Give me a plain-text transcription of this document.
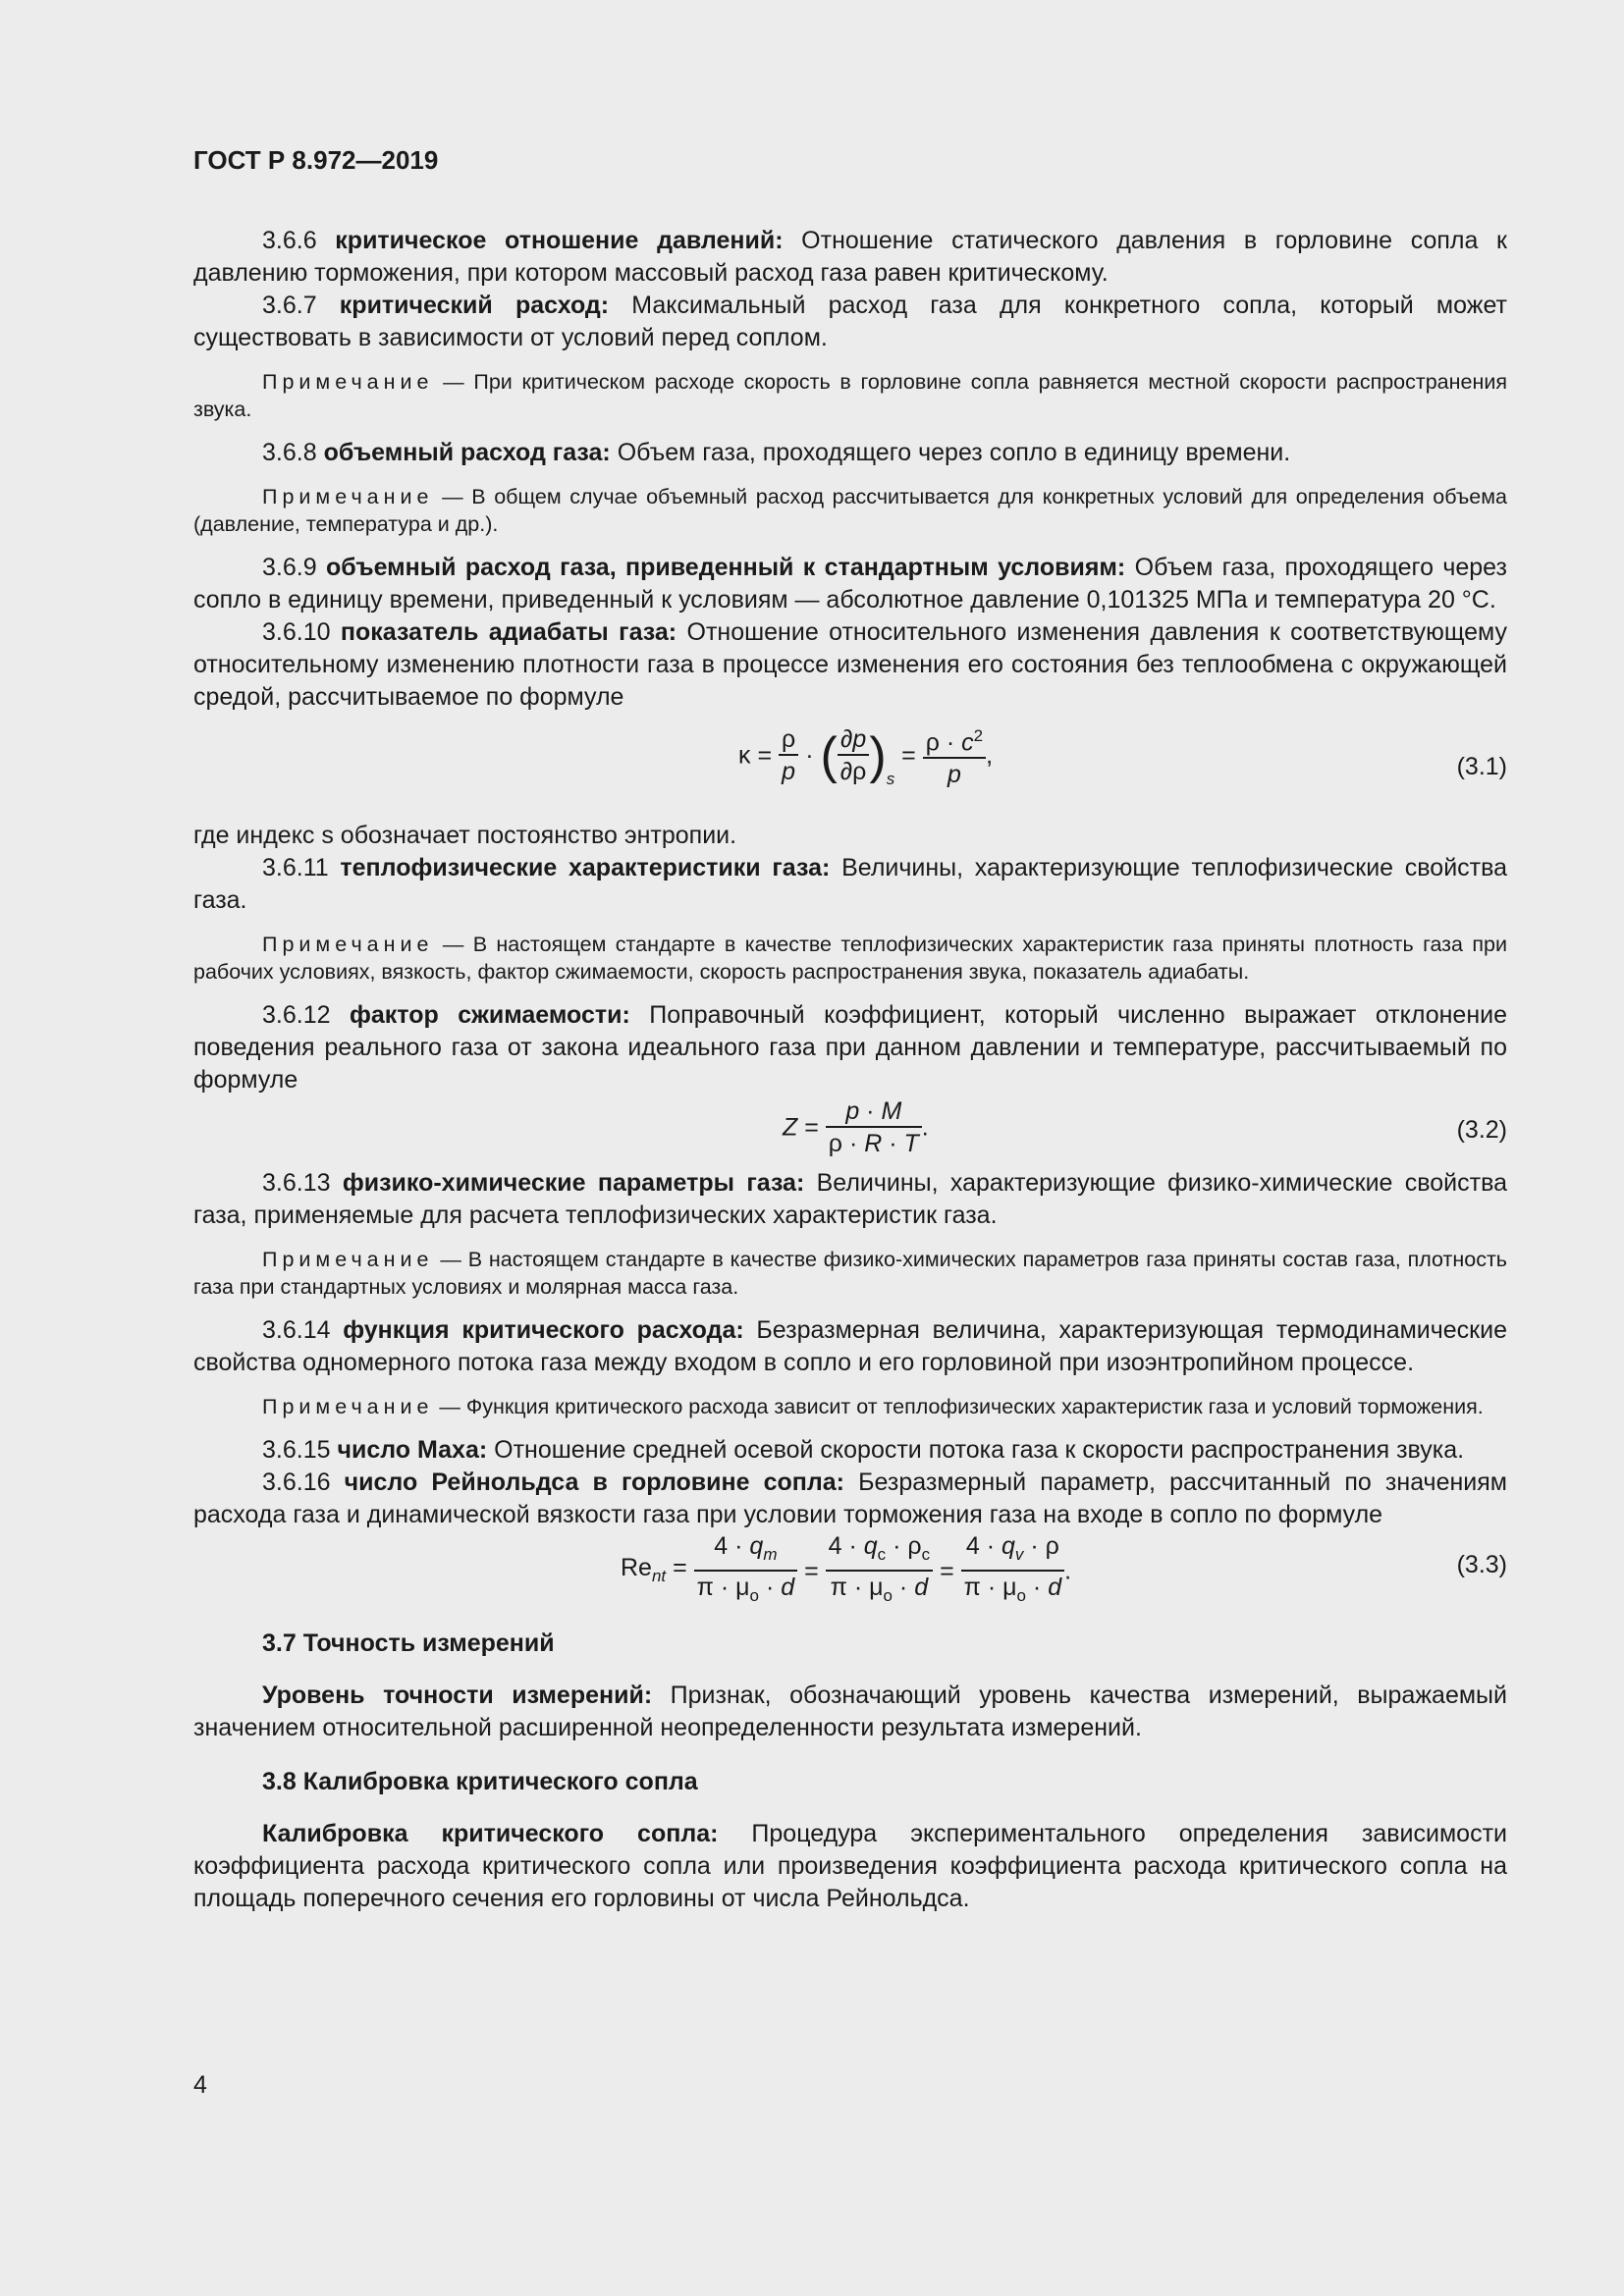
ГОСТ Р 8.972—2019

3.6.6 критическое отношение давлений: Отношение статического давления в горловине сопла к давлению торможения, при котором массовый расход газа равен критическому.

3.6.7 критический расход: Максимальный расход газа для конкретного сопла, который может существовать в зависимости от условий перед соплом.

Примечание — При критическом расходе скорость в горловине сопла равняется местной скорости распространения звука.

3.6.8 объемный расход газа: Объем газа, проходящего через сопло в единицу времени.

Примечание — В общем случае объемный расход рассчитывается для конкретных условий для определения объема (давление, температура и др.).

3.6.9 объемный расход газа, приведенный к стандартным условиям: Объем газа, проходящего через сопло в единицу времени, приведенный к условиям — абсолютное давление 0,101325 МПа и температура 20 °С.

3.6.10 показатель адиабаты газа: Отношение относительного изменения давления к соответствующему относительному изменению плотности газа в процессе изменения его состояния без теплообмена с окружающей средой, рассчитываемое по формуле

$\kappa = \frac{\rho}{p}$ · ( $\frac{\partial p}{\partial\rho} )_s = \frac{\rho \cdot c^2}{p}$ ,	(3.1)

где индекс s обозначает постоянство энтропии.

3.6.11 теплофизические характеристики газа: Величины, характеризующие теплофизические свойства газа.

Примечание — В настоящем стандарте в качестве теплофизических характеристик газа приняты плотность газа при рабочих условиях, вязкость, фактор сжимаемости, скорость распространения звука, показатель адиабаты.

3.6.12 фактор сжимаемости: Поправочный коэффициент, который численно выражает отклонение поведения реального газа от закона идеального газа при данном давлении и температуре, рассчитываемый по формуле

$Z = \frac{p \cdot M}{\rho \cdot R \cdot T}$ .	(3.2)

3.6.13 физико-химические параметры газа: Величины, характеризующие физико-химические свойства газа, применяемые для расчета теплофизических характеристик газа.

Примечание — В настоящем стандарте в качестве физико-химических параметров газа приняты состав газа, плотность газа при стандартных условиях и молярная масса газа.

3.6.14 функция критического расхода: Безразмерная величина, характеризующая термодинамические свойства одномерного потока газа между входом в сопло и его горловиной при изоэнтропийном процессе.

Примечание — Функция критического расхода зависит от теплофизических характеристик газа и условий торможения.

3.6.15 число Маха: Отношение средней осевой скорости потока газа к скорости распространения звука.

3.6.16 число Рейнольдса в горловине сопла: Безразмерный параметр, рассчитанный по значениям расхода газа и динамической вязкости газа при условии торможения газа на входе в сопло по формуле

$Re_{nt} = \frac{4 \cdot q_m}{\pi \cdot \mu_o \cdot d} = \frac{4 \cdot q_c \cdot \rho_c}{\pi \cdot \mu_o \cdot d} = \frac{4 \cdot q_v \cdot \rho}{\pi \cdot \mu_o \cdot d}$ .	(3.3)

3.7 Точность измерений

Уровень точности измерений: Признак, обозначающий уровень качества измерений, выражаемый значением относительной расширенной неопределенности результата измерений.

3.8 Калибровка критического сопла

Калибровка критического сопла: Процедура экспериментального определения зависимости коэффициента расхода критического сопла или произведения коэффициента расхода критического сопла на площадь поперечного сечения его горловины от числа Рейнольдса.

4
